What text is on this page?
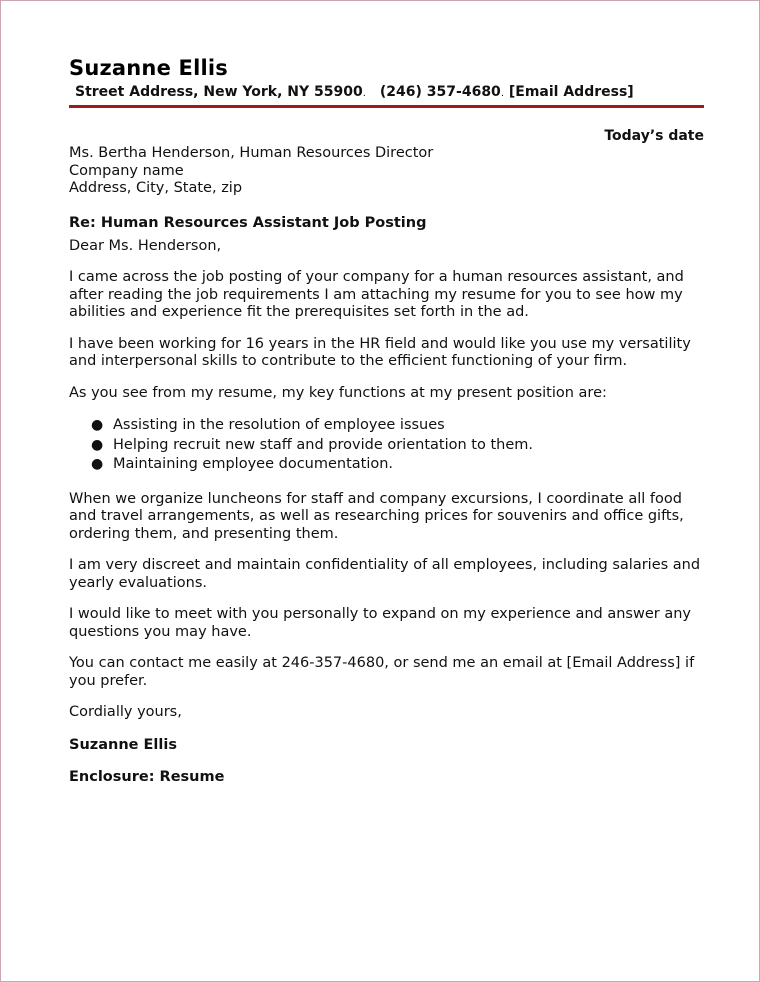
Suzanne Ellis
Street Address, New York, NY 55900. (246) 357-4680. [Email Address]
Today’s date
Ms. Bertha Henderson, Human Resources Director
Company name
Address, City, State, zip
Re: Human Resources Assistant Job Posting
Dear Ms. Henderson,
I came across the job posting of your company for a human resources assistant, and after reading the job requirements I am attaching my resume for you to see how my abilities and experience fit the prerequisites set forth in the ad.
I have been working for 16 years in the HR field and would like you use my versatility and interpersonal skills to contribute to the efficient functioning of your firm.
As you see from my resume, my key functions at my present position are:
● Assisting in the resolution of employee issues
● Helping recruit new staff and provide orientation to them.
● Maintaining employee documentation.
When we organize luncheons for staff and company excursions, I coordinate all food and travel arrangements, as well as researching prices for souvenirs and office gifts, ordering them, and presenting them.
I am very discreet and maintain confidentiality of all employees, including salaries and yearly evaluations.
I would like to meet with you personally to expand on my experience and answer any questions you may have.
You can contact me easily at 246-357-4680, or send me an email at [Email Address] if you prefer.
Cordially yours,
Suzanne Ellis
Enclosure: Resume
